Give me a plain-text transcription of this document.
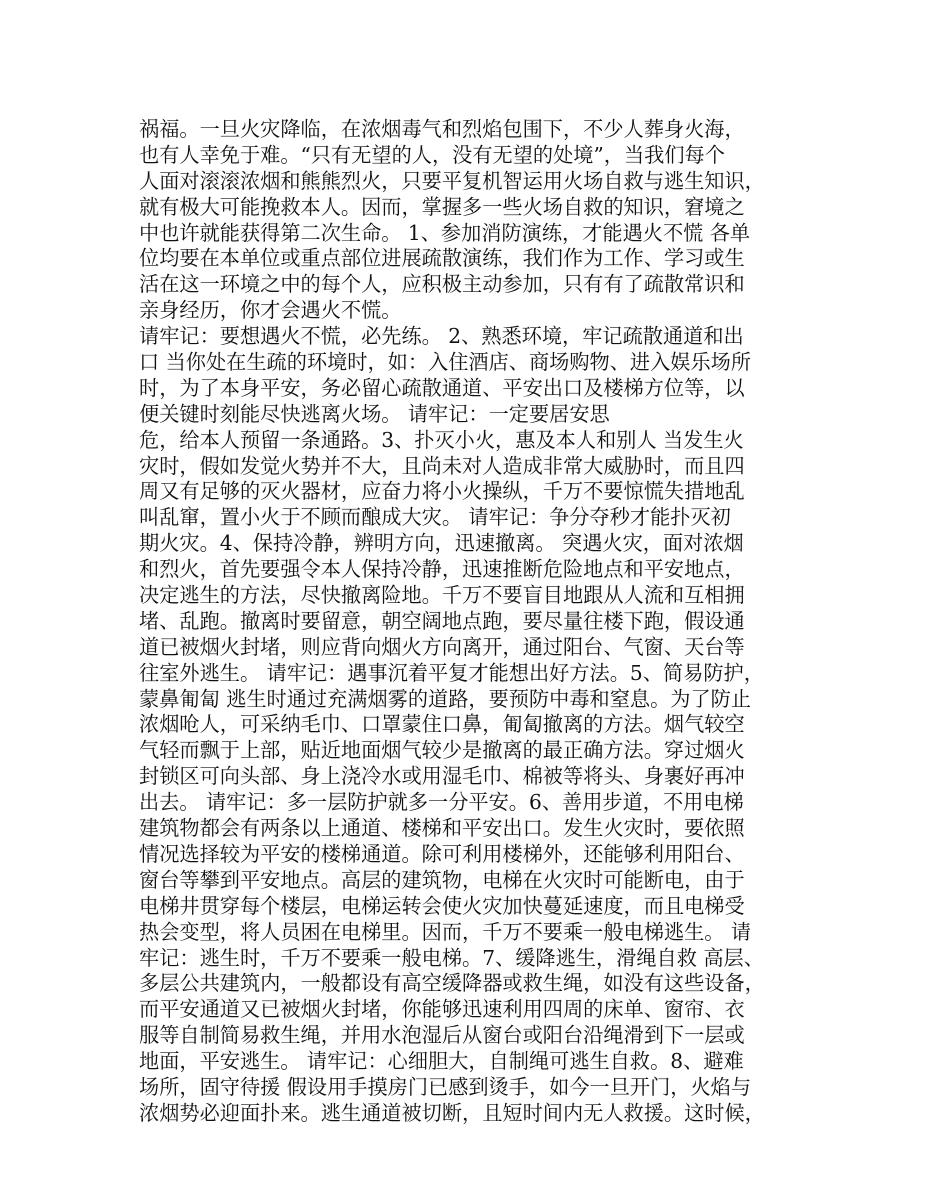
祸福。一旦火灾降临，在浓烟毒气和烈焰包围下，不少人葬身火海，
也有人幸免于难。“只有无望的人，没有无望的处境”，当我们每个
人面对滚滚浓烟和熊熊烈火，只要平复机智运用火场自救与逃生知识，
就有极大可能挽救本人。因而，掌握多一些火场自救的知识，窘境之
中也许就能获得第二次生命。 1、参加消防演练，才能遇火不慌 各单
位均要在本单位或重点部位进展疏散演练，我们作为工作、学习或生
活在这一环境之中的每个人，应积极主动参加，只有有了疏散常识和
亲身经历，你才会遇火不慌。
请牢记：要想遇火不慌，必先练。 2、熟悉环境，牢记疏散通道和出
口 当你处在生疏的环境时，如：入住酒店、商场购物、进入娱乐场所
时，为了本身平安，务必留心疏散通道、平安出口及楼梯方位等，以
便关键时刻能尽快逃离火场。 请牢记：一定要居安思
危，给本人预留一条通路。3、扑灭小火，惠及本人和别人 当发生火
灾时，假如发觉火势并不大，且尚未对人造成非常大威胁时，而且四
周又有足够的灭火器材，应奋力将小火操纵，千万不要惊慌失措地乱
叫乱窜，置小火于不顾而酿成大灾。 请牢记：争分夺秒才能扑灭初
期火灾。4、保持冷静，辨明方向，迅速撤离。 突遇火灾，面对浓烟
和烈火，首先要强令本人保持冷静，迅速推断危险地点和平安地点，
决定逃生的方法，尽快撤离险地。千万不要盲目地跟从人流和互相拥
堵、乱跑。撤离时要留意，朝空阔地点跑，要尽量往楼下跑，假设通
道已被烟火封堵，则应背向烟火方向离开，通过阳台、气窗、天台等
往室外逃生。 请牢记：遇事沉着平复才能想出好方法。5、简易防护，
蒙鼻匍匐 逃生时通过充满烟雾的道路，要预防中毒和窒息。为了防止
浓烟呛人，可采纳毛巾、口罩蒙住口鼻，匍匐撤离的方法。烟气较空
气轻而飘于上部，贴近地面烟气较少是撤离的最正确方法。穿过烟火
封锁区可向头部、身上浇冷水或用湿毛巾、棉被等将头、身裹好再冲
出去。 请牢记：多一层防护就多一分平安。6、善用步道，不用电梯
建筑物都会有两条以上通道、楼梯和平安出口。发生火灾时，要依照
情况选择较为平安的楼梯通道。除可利用楼梯外，还能够利用阳台、
窗台等攀到平安地点。高层的建筑物，电梯在火灾时可能断电，由于
电梯井贯穿每个楼层，电梯运转会使火灾加快蔓延速度，而且电梯受
热会变型，将人员困在电梯里。因而，千万不要乘一般电梯逃生。 请
牢记：逃生时，千万不要乘一般电梯。7、缓降逃生，滑绳自救 高层、
多层公共建筑内，一般都设有高空缓降器或救生绳，如没有这些设备，
而平安通道又已被烟火封堵，你能够迅速利用四周的床单、窗帘、衣
服等自制简易救生绳，并用水泡湿后从窗台或阳台沿绳滑到下一层或
地面，平安逃生。 请牢记：心细胆大，自制绳可逃生自救。8、避难
场所，固守待援 假设用手摸房门已感到烫手，如今一旦开门，火焰与
浓烟势必迎面扑来。逃生通道被切断，且短时间内无人救援。这时候，
